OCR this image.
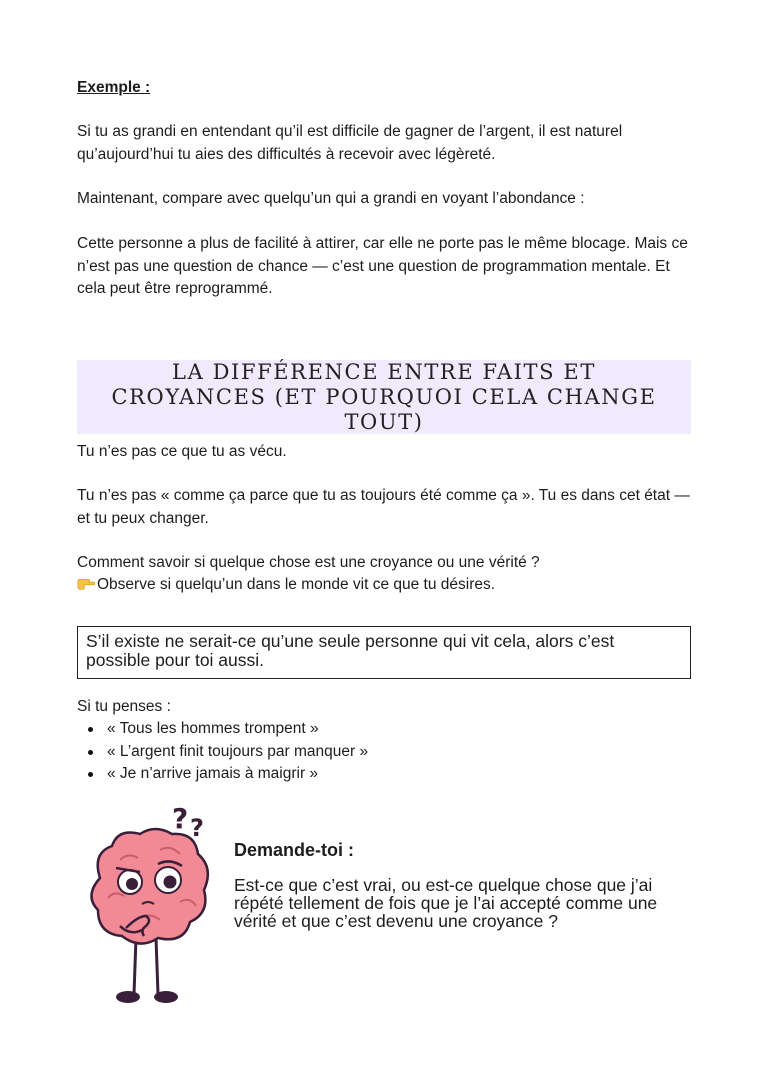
Exemple :

Si tu as grandi en entendant qu’il est difficile de gagner de l’argent, il est naturel qu’aujourd’hui tu aies des difficultés à recevoir avec légèreté.

Maintenant, compare avec quelqu’un qui a grandi en voyant l’abondance :

Cette personne a plus de facilité à attirer, car elle ne porte pas le même blocage. Mais ce n’est pas une question de chance — c’est une question de programmation mentale. Et cela peut être reprogrammé.

LA DIFFÉRENCE ENTRE FAITS ET CROYANCES (ET POURQUOI CELA CHANGE TOUT)

Tu n’es pas ce que tu as vécu.

Tu n’es pas « comme ça parce que tu as toujours été comme ça ». Tu es dans cet état — et tu peux changer.

Comment savoir si quelque chose est une croyance ou une vérité ?

Observe si quelqu’un dans le monde vit ce que tu désires.

S’il existe ne serait-ce qu’une seule personne qui vit cela, alors c’est possible pour toi aussi.

Si tu penses :

« Tous les hommes trompent »
« L’argent finit toujours par manquer »
« Je n’arrive jamais à maigrir »
? ?

Demande-toi :

Est-ce que c’est vrai, ou est-ce quelque chose que j’ai répété tellement de fois que je l’ai accepté comme une vérité et que c’est devenu une croyance ?
